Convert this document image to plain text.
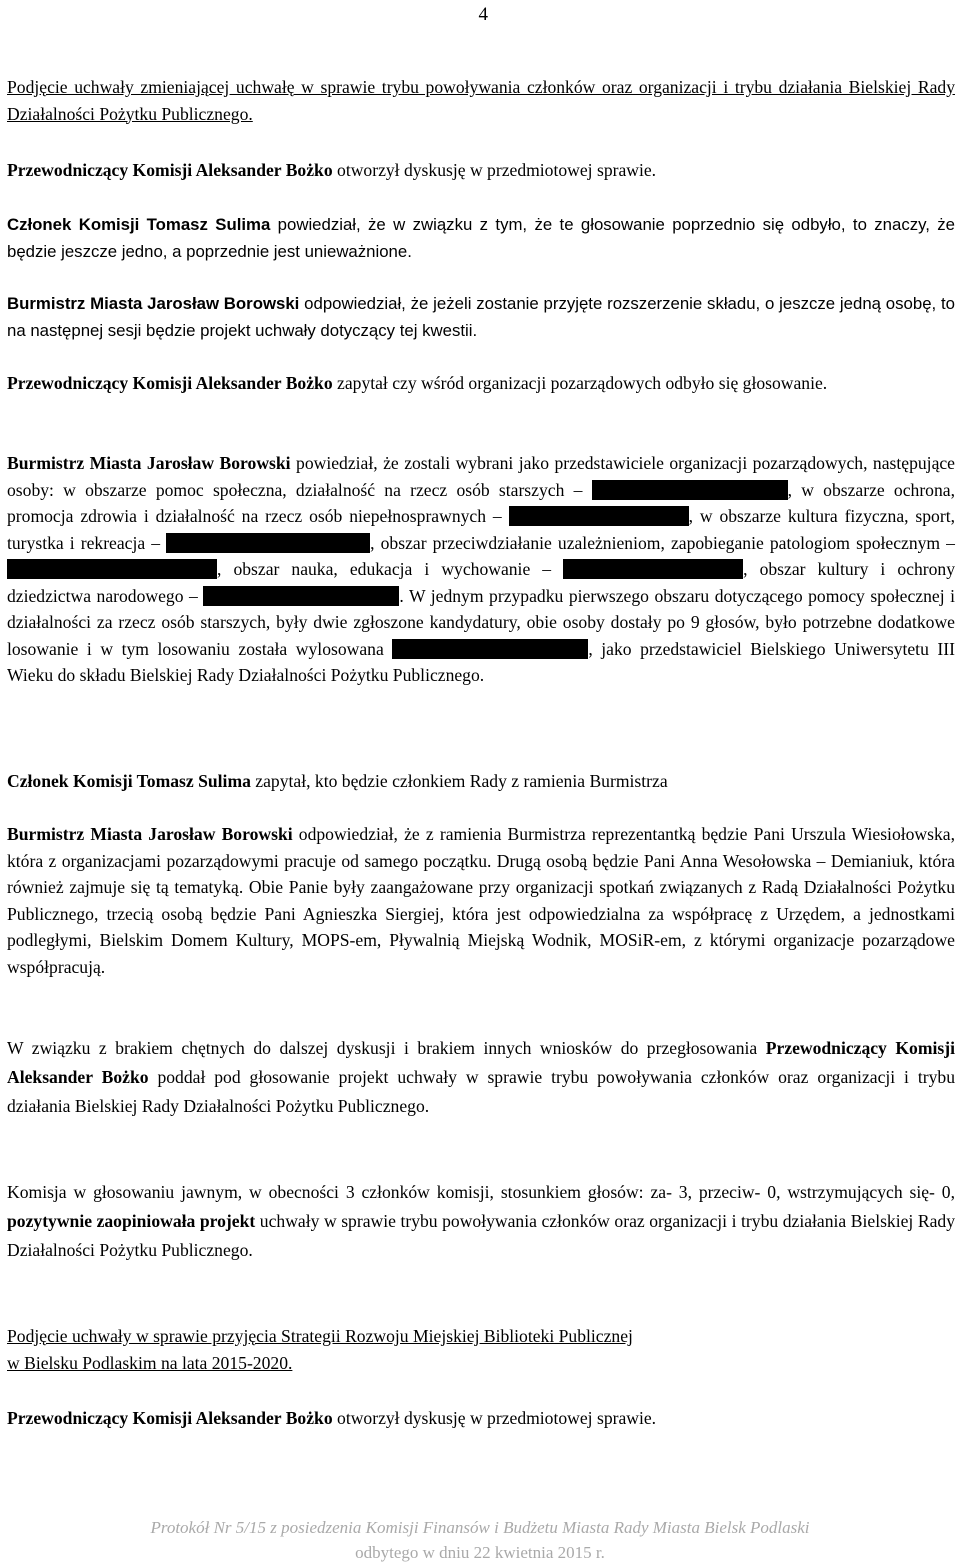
4

Podjęcie uchwały zmieniającej uchwałę w sprawie trybu powoływania członków oraz organizacji i trybu działania Bielskiej Rady Działalności Pożytku Publicznego.

Przewodniczący Komisji Aleksander Bożko otworzył dyskusję w przedmiotowej sprawie.

Członek Komisji Tomasz Sulima powiedział, że w związku z tym, że te głosowanie poprzednio się odbyło, to znaczy, że będzie jeszcze jedno, a poprzednie jest unieważnione.

Burmistrz Miasta Jarosław Borowski odpowiedział, że jeżeli zostanie przyjęte rozszerzenie składu, o jeszcze jedną osobę, to na następnej sesji będzie projekt uchwały dotyczący tej kwestii.

Przewodniczący Komisji Aleksander Bożko zapytał czy wśród organizacji pozarządowych odbyło się głosowanie.

Burmistrz Miasta Jarosław Borowski powiedział, że zostali wybrani jako przedstawiciele organizacji pozarządowych, następujące osoby: w obszarze pomoc społeczna, działalność na rzecz osób starszych –	, w obszarze ochrona, promocja zdrowia i działalność na rzecz osób niepełnosprawnych –	, w obszarze kultura fizyczna, sport, turystka i rekreacja –	, obszar przeciwdziałanie uzależnieniom, zapobieganie patologiom społecznym – , obszar nauka, edukacja i wychowanie –	, obszar kultury i ochrony dziedzictwa narodowego –	. W jednym przypadku pierwszego obszaru dotyczącego pomocy społecznej i działalności za rzecz osób starszych, były dwie zgłoszone kandydatury, obie osoby dostały po 9 głosów, było potrzebne dodatkowe losowanie i w tym losowaniu została wylosowana	, jako przedstawiciel Bielskiego Uniwersytetu III Wieku do składu Bielskiej Rady Działalności Pożytku Publicznego.

Członek Komisji Tomasz Sulima zapytał, kto będzie członkiem Rady z ramienia Burmistrza

Burmistrz Miasta Jarosław Borowski odpowiedział, że z ramienia Burmistrza reprezentantką będzie Pani Urszula Wiesiołowska, która z organizacjami pozarządowymi pracuje od samego początku. Drugą osobą będzie Pani Anna Wesołowska – Demianiuk, która również zajmuje się tą tematyką. Obie Panie były zaangażowane przy organizacji spotkań związanych z Radą Działalności Pożytku Publicznego, trzecią osobą będzie Pani Agnieszka Siergiej, która jest odpowiedzialna za współpracę z Urzędem, a jednostkami podległymi, Bielskim Domem Kultury, MOPS-em, Pływalnią Miejską Wodnik, MOSiR-em, z którymi organizacje pozarządowe współpracują.

W związku z brakiem chętnych do dalszej dyskusji i brakiem innych wniosków do przegłosowania Przewodniczący Komisji Aleksander Bożko poddał pod głosowanie projekt uchwały w sprawie trybu powoływania członków oraz organizacji i trybu działania Bielskiej Rady Działalności Pożytku Publicznego.

Komisja w głosowaniu jawnym, w obecności 3 członków komisji, stosunkiem głosów: za- 3, przeciw- 0, wstrzymujących się- 0, pozytywnie zaopiniowała projekt uchwały w sprawie trybu powoływania członków oraz organizacji i trybu działania Bielskiej Rady Działalności Pożytku Publicznego.

Podjęcie uchwały w sprawie przyjęcia Strategii Rozwoju Miejskiej Biblioteki Publicznej
w Bielsku Podlaskim na lata 2015-2020.

Przewodniczący Komisji Aleksander Bożko otworzył dyskusję w przedmiotowej sprawie.

Protokół Nr 5/15 z posiedzenia Komisji Finansów i Budżetu Miasta Rady Miasta Bielsk Podlaski
odbytego w dniu 22 kwietnia 2015 r.
